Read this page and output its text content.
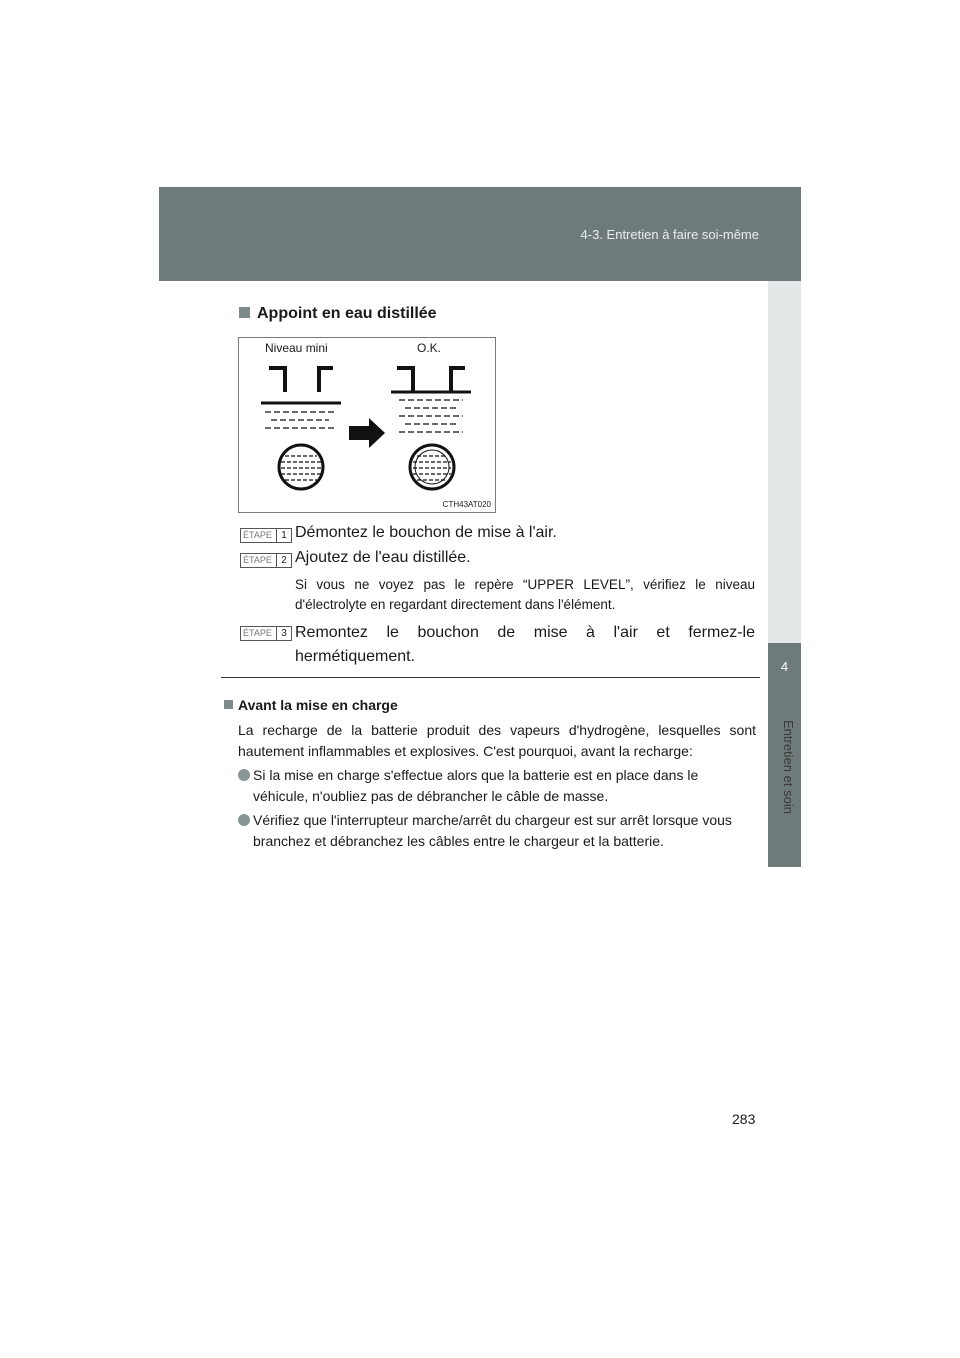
4-3. Entretien à faire soi-même
4
Entretien et soin
Appoint en eau distillée
Niveau mini	O.K.
CTH43AT020
ÉTAPE 1 Démontez le bouchon de mise à l'air.
ÉTAPE 2 Ajoutez de l'eau distillée.
Si vous ne voyez pas le repère “UPPER LEVEL”, vérifiez le niveau d'électrolyte en regardant directement dans l'élément.
ÉTAPE 3 Remontez le bouchon de mise à l'air et fermez-le hermétiquement.
Avant la mise en charge
La recharge de la batterie produit des vapeurs d'hydrogène, lesquelles sont hautement inflammables et explosives. C'est pourquoi, avant la recharge:
Si la mise en charge s'effectue alors que la batterie est en place dans le véhicule, n'oubliez pas de débrancher le câble de masse.
Vérifiez que l'interrupteur marche/arrêt du chargeur est sur arrêt lorsque vous branchez et débranchez les câbles entre le chargeur et la batterie.
283
